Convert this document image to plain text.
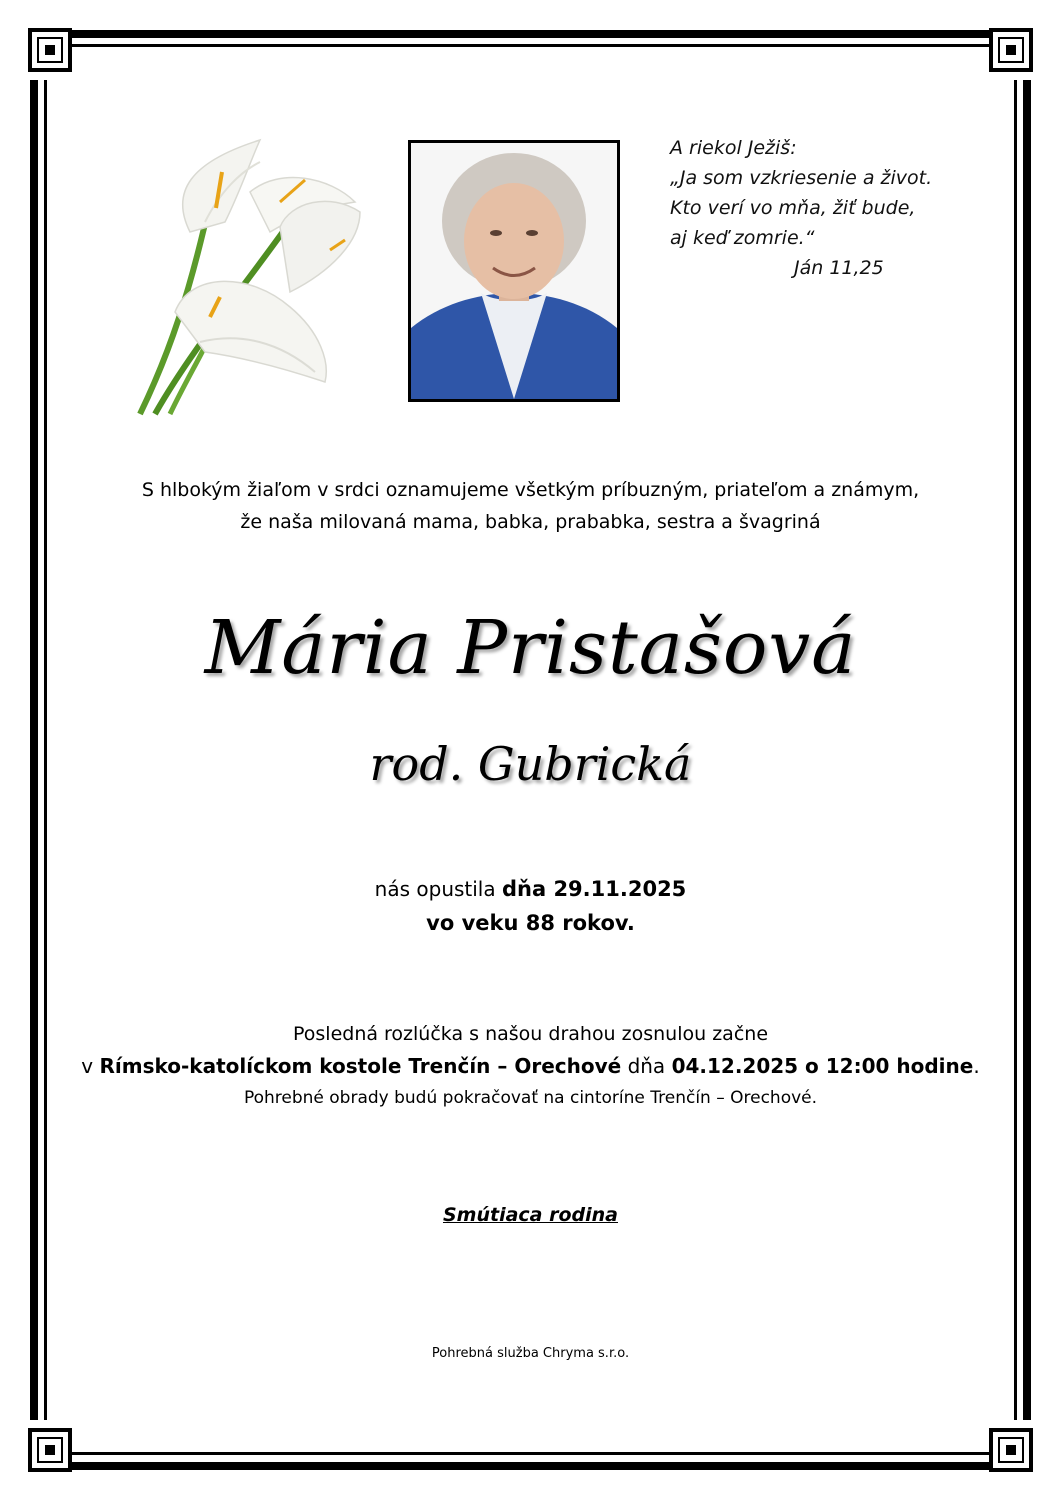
A riekol Ježiš:
„Ja som vzkriesenie a život.
Kto verí vo mňa, žiť bude,
aj keď zomrie.“
Ján 11,25
S hlbokým žiaľom v srdci oznamujeme všetkým príbuzným, priateľom a známym,
že naša milovaná mama, babka, prababka, sestra a švagriná
Mária Pristašová
rod. Gubrická
nás opustila dňa 29.11.2025
vo veku 88 rokov.
Posledná rozlúčka s našou drahou zosnulou začne
v Rímsko-katolíckom kostole Trenčín – Orechové dňa 04.12.2025 o 12:00 hodine.
Pohrebné obrady budú pokračovať na cintoríne Trenčín – Orechové.
Smútiaca rodina
Pohrebná služba Chryma s.r.o.
